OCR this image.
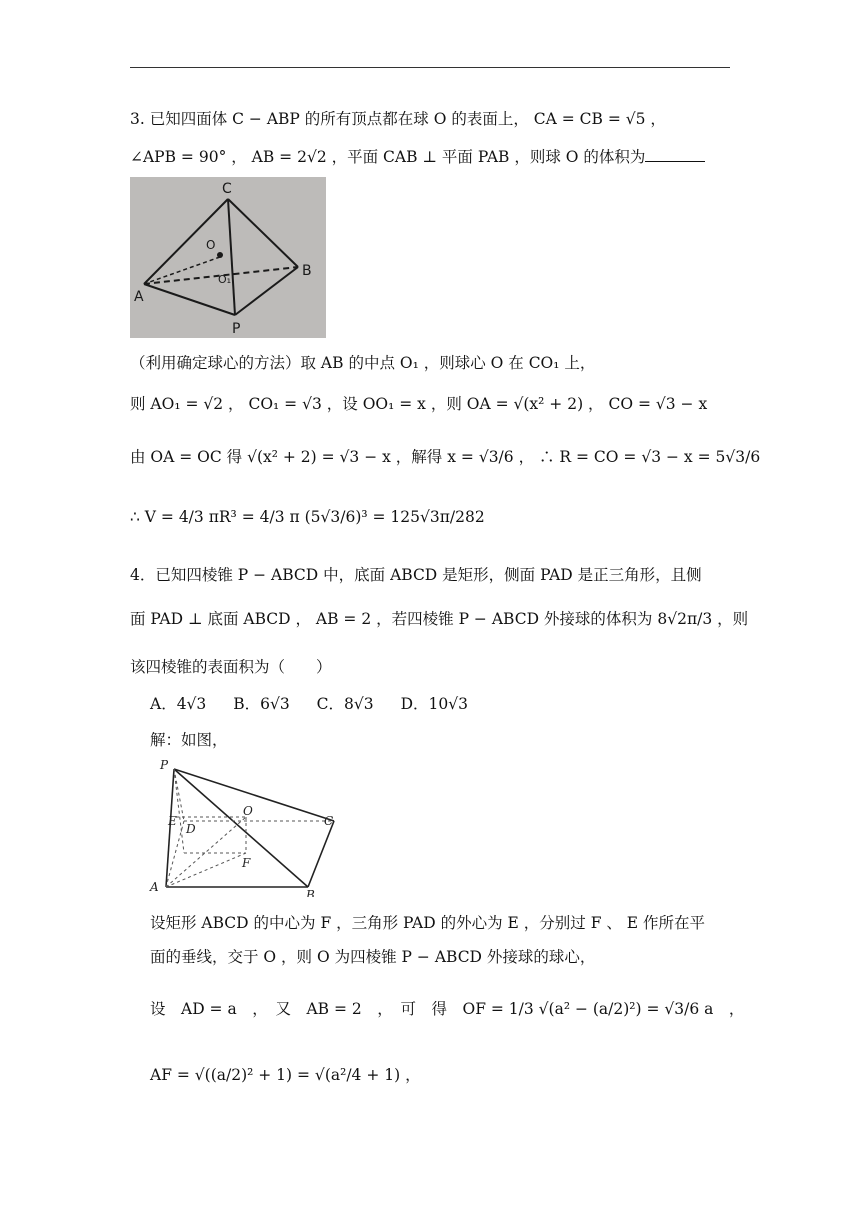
3. 已知四面体 C − ABP 的所有顶点都在球 O 的表面上， CA = CB = √5 ，
∠APB = 90° ， AB = 2√2 ，平面 CAB ⊥ 平面 PAB ，则球 O 的体积为
C
A
B
P
O
O₁
（利用确定球心的方法）取 AB 的中点 O₁ ，则球心 O 在 CO₁ 上，
则 AO₁ = √2 ， CO₁ = √3 ，设 OO₁ = x ，则 OA = √(x² + 2) ， CO = √3 − x
由 OA = OC 得 √(x² + 2) = √3 − x ，解得 x = √3/6 ， ∴ R = CO = √3 − x = 5√3/6
∴ V = 4/3 πR³ = 4/3 π (5√3/6)³ = 125√3π/282
4．已知四棱锥 P − ABCD 中，底面 ABCD 是矩形，侧面 PAD 是正三角形，且侧
面 PAD ⊥ 底面 ABCD ， AB = 2 ，若四棱锥 P − ABCD 外接球的体积为 8√2π/3 ，则
该四棱锥的表面积为（　　）
A．4√3 B．6√3 C．8√3 D．10√3
解：如图，
P
E
D
O
C
F
A
B
设矩形 ABCD 的中心为 F ，三角形 PAD 的外心为 E ，分别过 F 、 E 作所在平
面的垂线，交于 O ，则 O 为四棱锥 P − ABCD 外接球的球心，
设　AD = a　，　又　AB = 2　，　可　得　OF = 1/3 √(a² − (a/2)²) = √3/6 a　，
AF = √((a/2)² + 1) = √(a²/4 + 1) ，
